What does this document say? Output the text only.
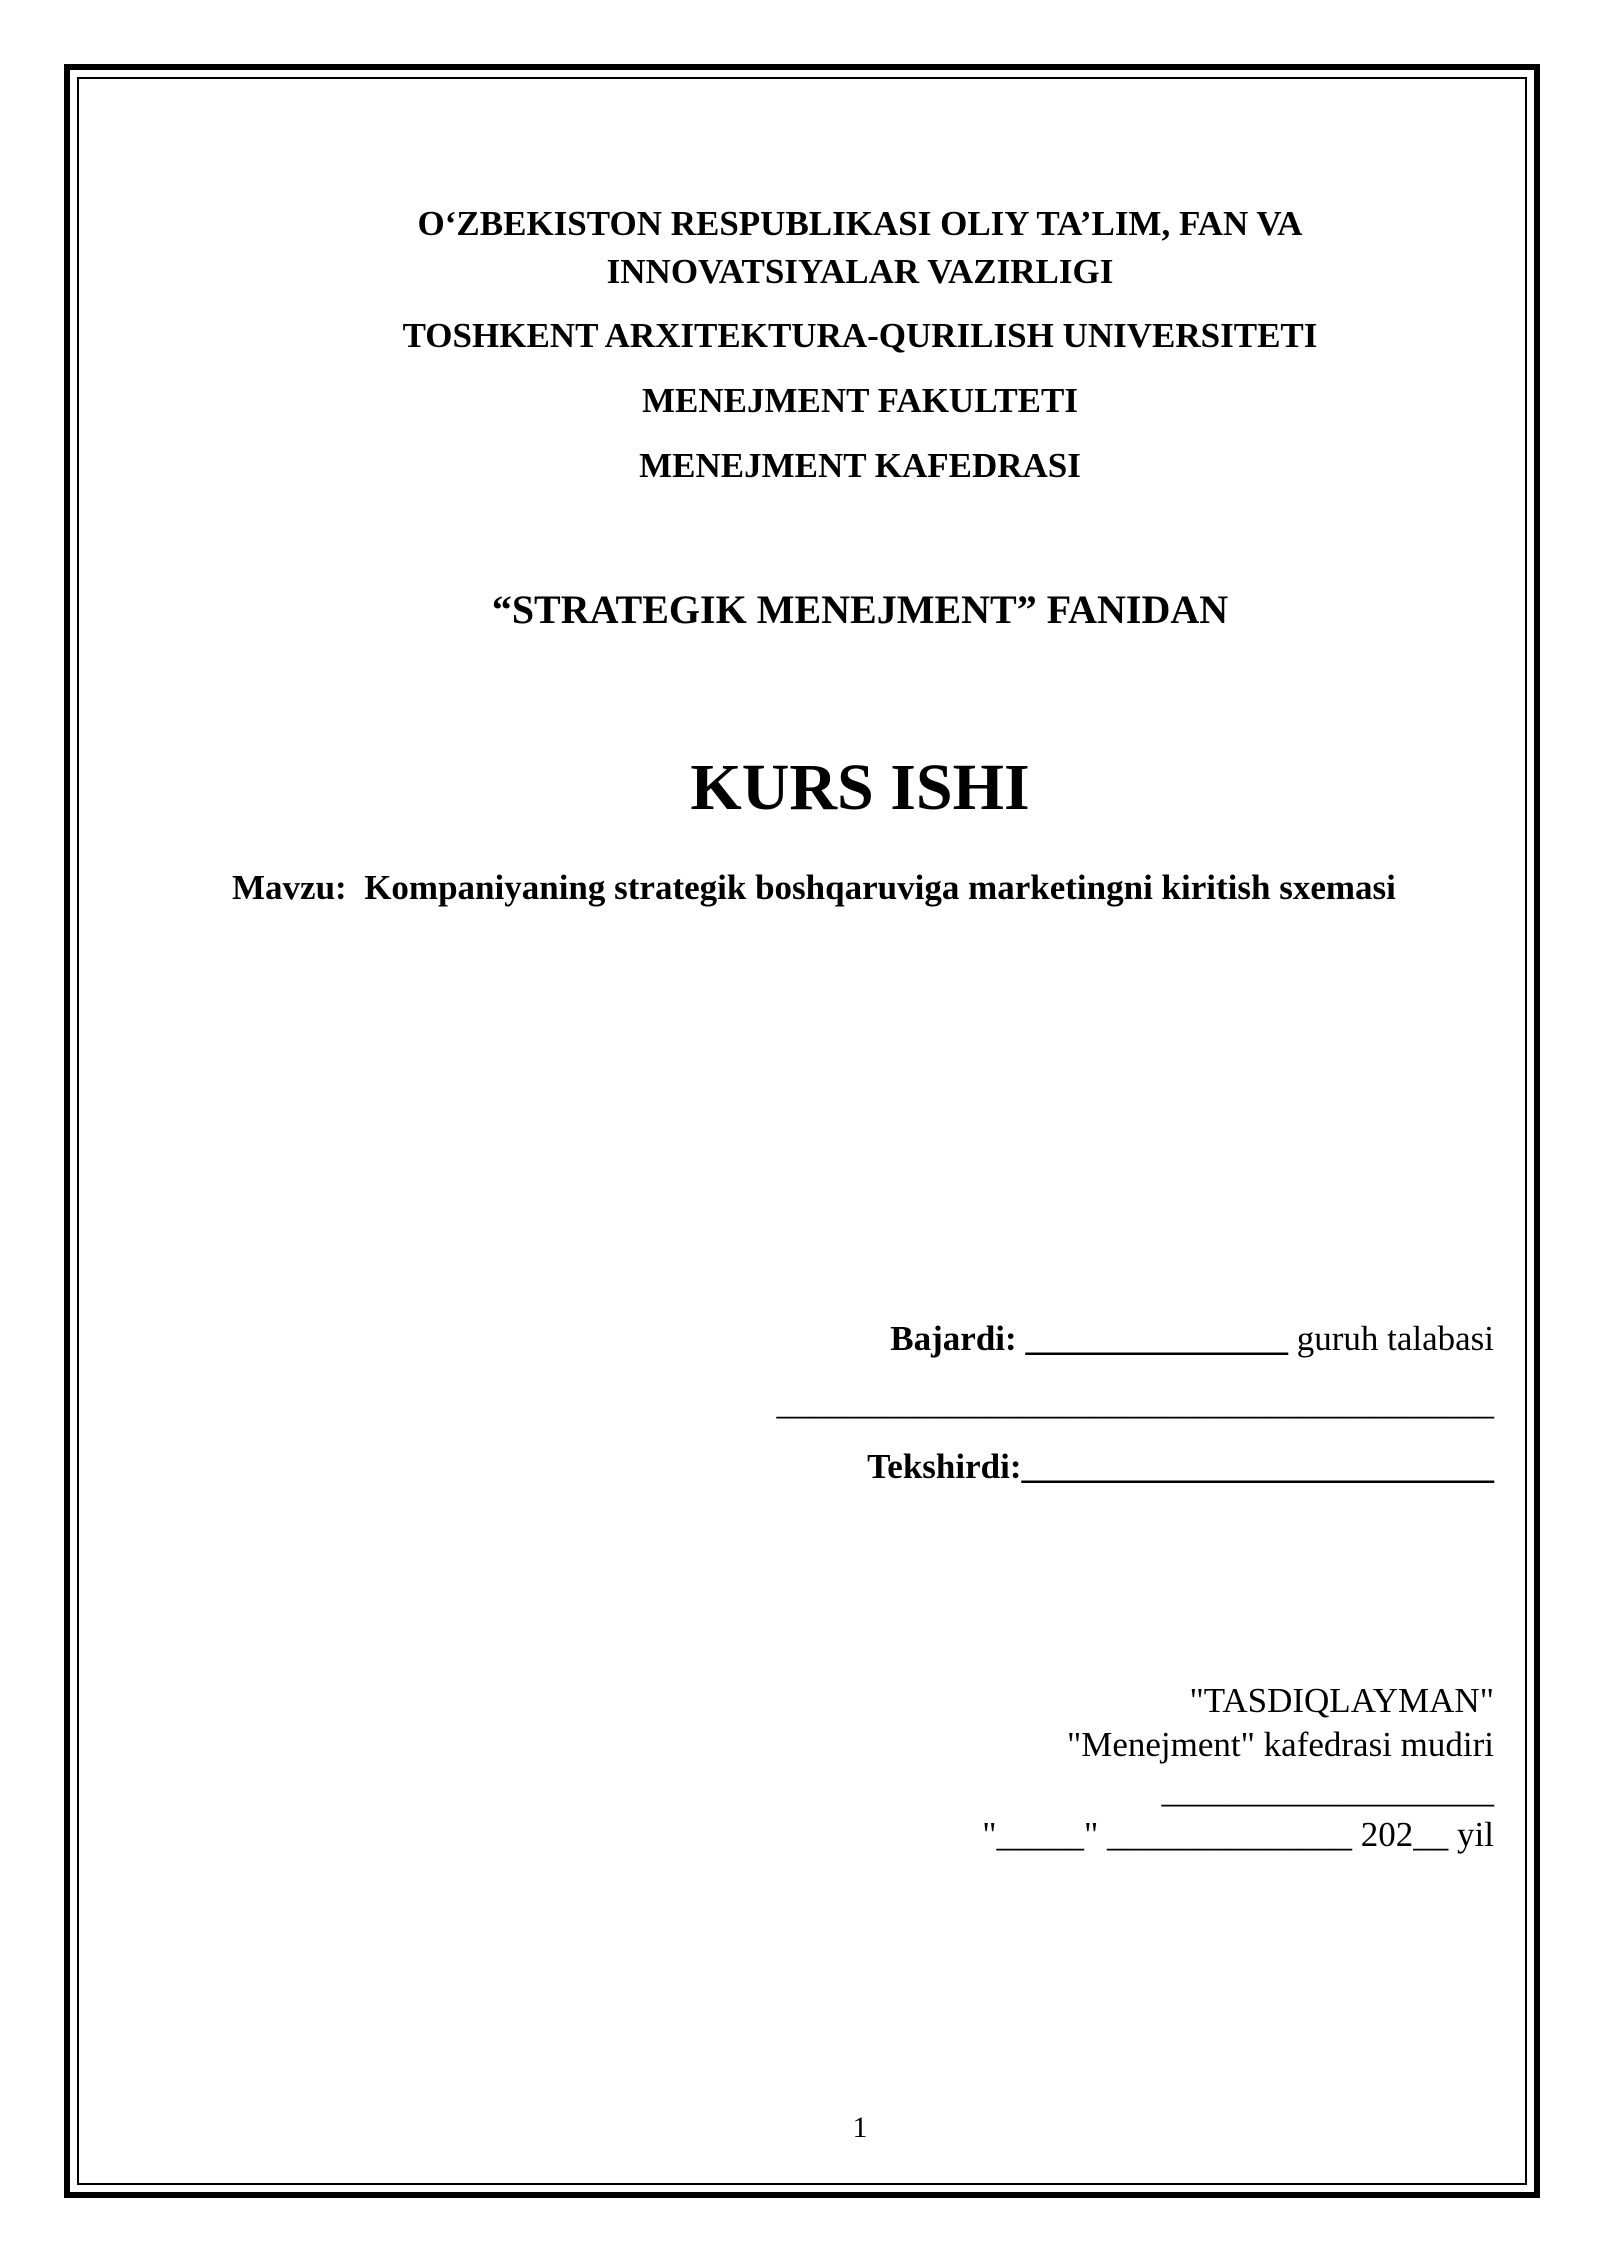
O‘ZBEKISTON RESPUBLIKASI OLIY TA’LIM, FAN VA
INNOVATSIYALAR VAZIRLIGI
TOSHKENT ARXITEKTURA-QURILISH UNIVERSITETI
MENEJMENT FAKULTETI
MENEJMENT KAFEDRASI
“STRATEGIK MENEJMENT” FANIDAN
KURS ISHI
Mavzu: Kompaniyaning strategik boshqaruviga marketingni kiritish sxemasi
Bajardi: _______________ guruh talabasi
_________________________________________
Tekshirdi:___________________________
"TASDIQLAYMAN"
"Menejment" kafedrasi mudiri
___________________
"_____" ______________ 202__ yil
1
